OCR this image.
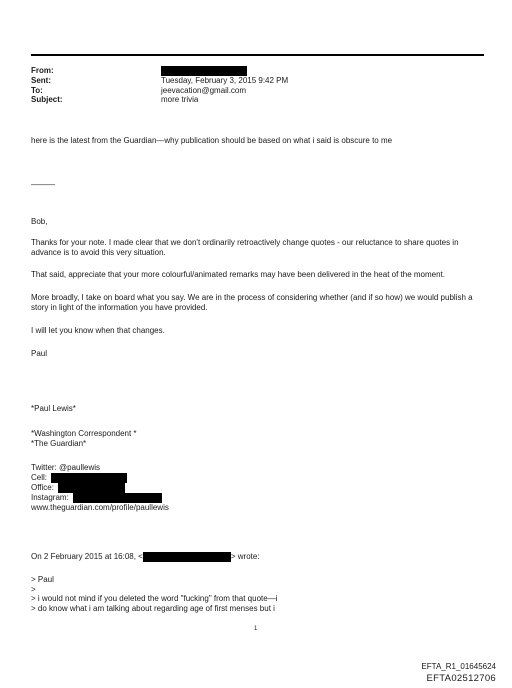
From:
Sent:	Tuesday, February 3, 2015 9:42 PM
To:	jeevacation@gmail.com
Subject:	more trivia
here is the latest from the Guardian—why publication should be based on what i said is obscure to me
———
Bob,
Thanks for your note. I made clear that we don't ordinarily retroactively change quotes - our reluctance to share quotes in advance is to avoid this very situation.
That said, appreciate that your more colourful/animated remarks may have been delivered in the heat of the moment.
More broadly, I take on board what you say. We are in the process of considering whether (and if so how) we would publish a story in light of the information you have provided.
I will let you know when that changes.
Paul
*Paul Lewis*
*Washington Correspondent *
*The Guardian*
Twitter: @paullewis
Cell:
Office:
Instagram:
www.theguardian.com/profile/paullewis
On 2 February 2015 at 16:08, <	> wrote:
> Paul
>
> i would not mind if you deleted the word "fucking" from that quote—i
> do know what i am talking about regarding age of first menses but i
1
EFTA_R1_01645624
EFTA02512706
